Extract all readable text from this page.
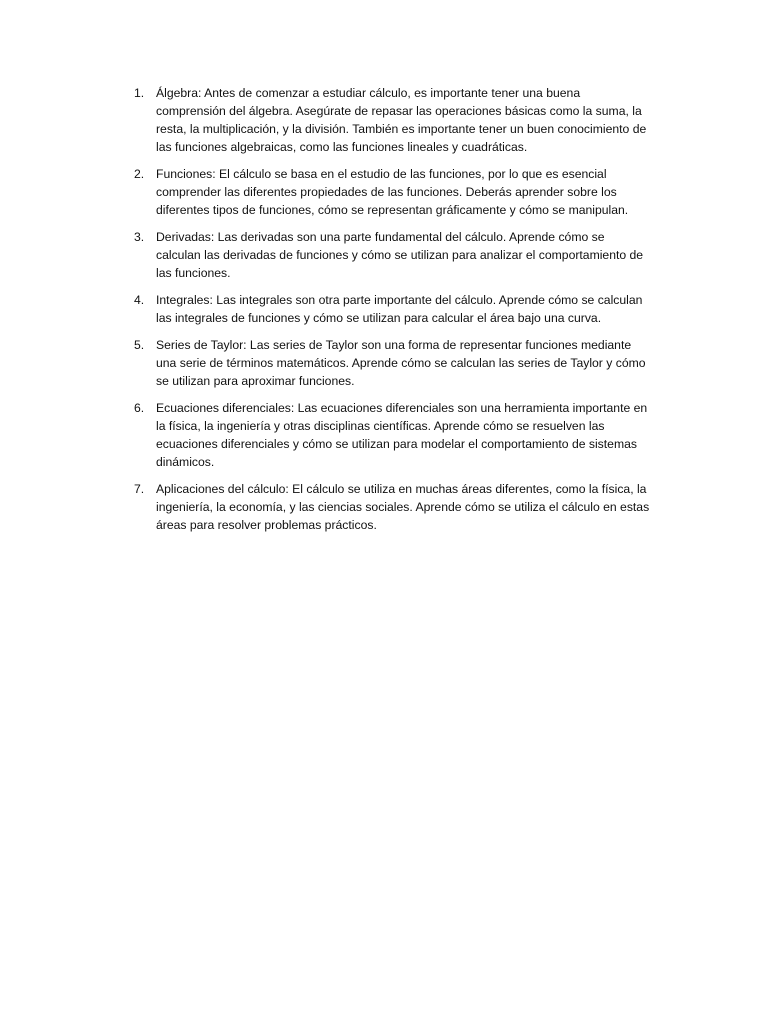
1. Álgebra: Antes de comenzar a estudiar cálculo, es importante tener una buena comprensión del álgebra. Asegúrate de repasar las operaciones básicas como la suma, la resta, la multiplicación, y la división. También es importante tener un buen conocimiento de las funciones algebraicas, como las funciones lineales y cuadráticas.
2. Funciones: El cálculo se basa en el estudio de las funciones, por lo que es esencial comprender las diferentes propiedades de las funciones. Deberás aprender sobre los diferentes tipos de funciones, cómo se representan gráficamente y cómo se manipulan.
3. Derivadas: Las derivadas son una parte fundamental del cálculo. Aprende cómo se calculan las derivadas de funciones y cómo se utilizan para analizar el comportamiento de las funciones.
4. Integrales: Las integrales son otra parte importante del cálculo. Aprende cómo se calculan las integrales de funciones y cómo se utilizan para calcular el área bajo una curva.
5. Series de Taylor: Las series de Taylor son una forma de representar funciones mediante una serie de términos matemáticos. Aprende cómo se calculan las series de Taylor y cómo se utilizan para aproximar funciones.
6. Ecuaciones diferenciales: Las ecuaciones diferenciales son una herramienta importante en la física, la ingeniería y otras disciplinas científicas. Aprende cómo se resuelven las ecuaciones diferenciales y cómo se utilizan para modelar el comportamiento de sistemas dinámicos.
7. Aplicaciones del cálculo: El cálculo se utiliza en muchas áreas diferentes, como la física, la ingeniería, la economía, y las ciencias sociales. Aprende cómo se utiliza el cálculo en estas áreas para resolver problemas prácticos.
